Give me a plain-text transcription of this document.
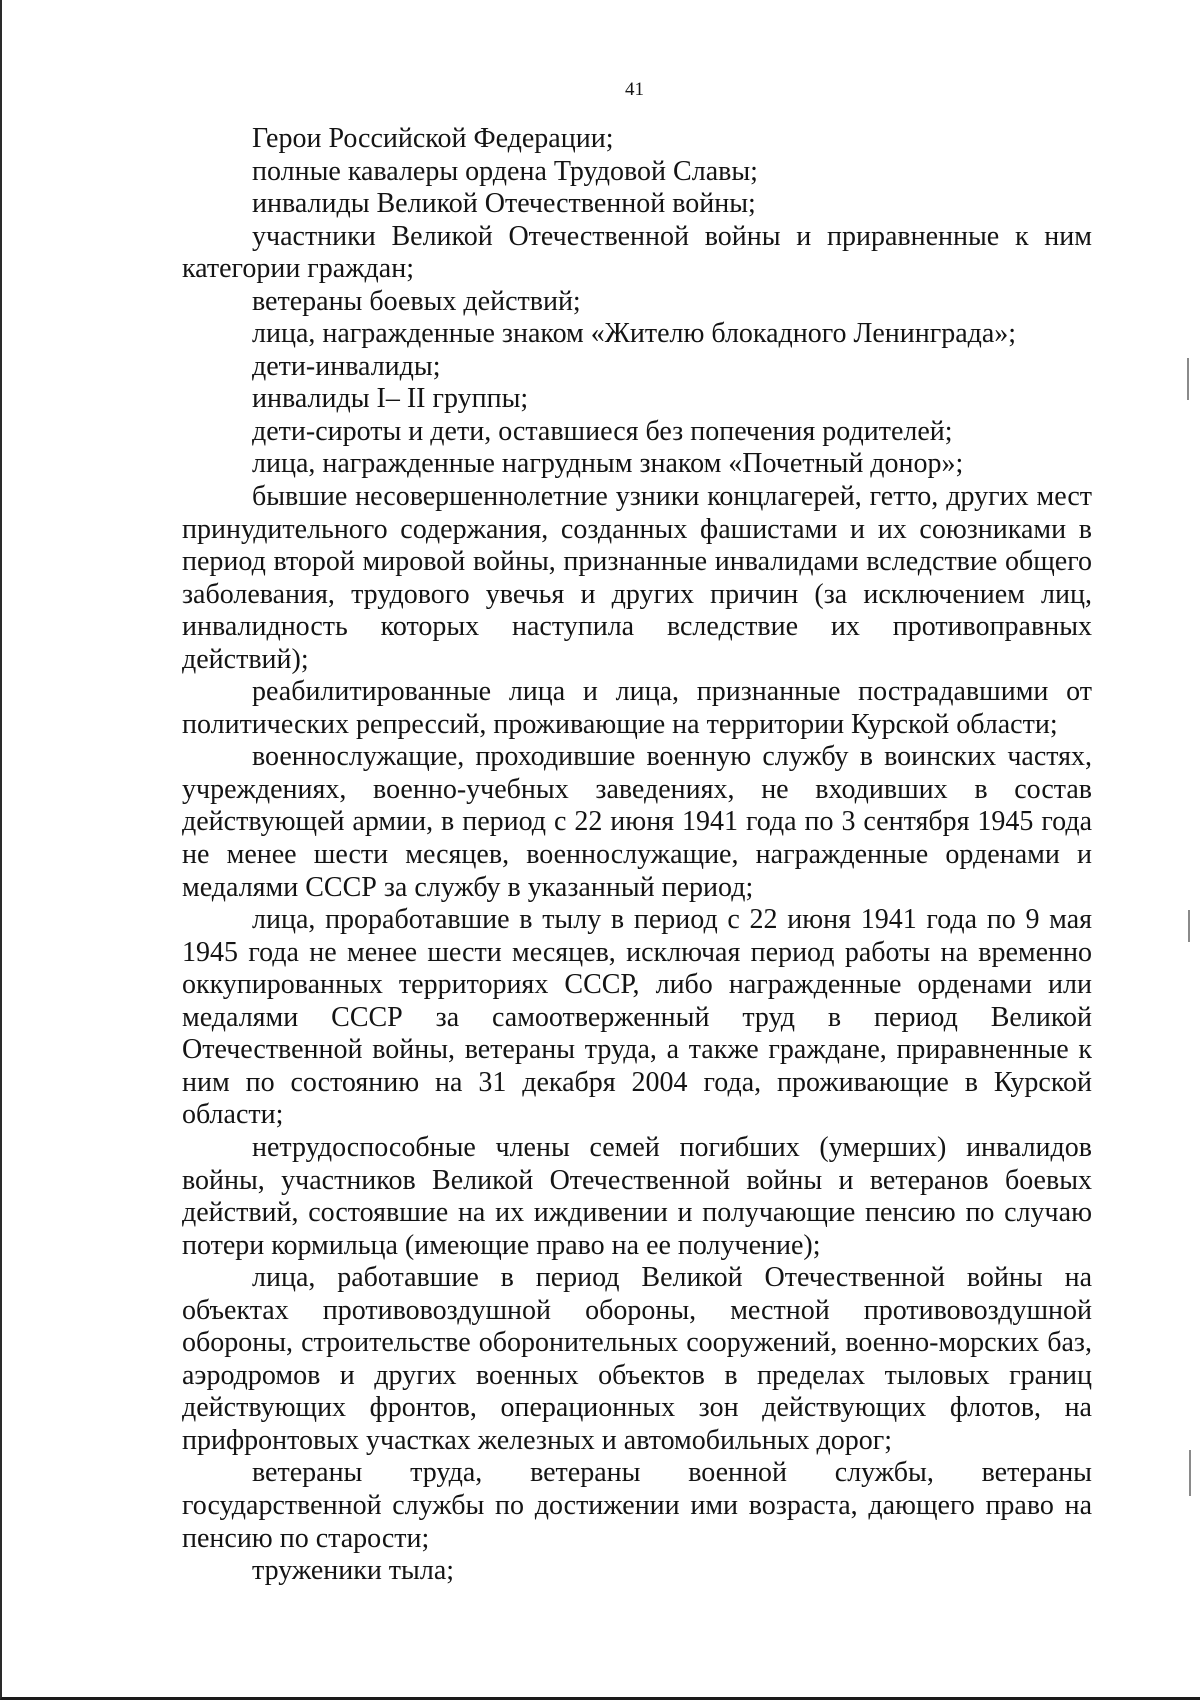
41

Герои Российской Федерации;

полные кавалеры ордена Трудовой Славы;

инвалиды Великой Отечественной войны;

участники Великой Отечественной войны и приравненные к ним категории граждан;

ветераны боевых действий;

лица, награжденные знаком «Жителю блокадного Ленинграда»;

дети-инвалиды;

инвалиды I– II группы;

дети-сироты и дети, оставшиеся без попечения родителей;

лица, награжденные нагрудным знаком «Почетный донор»;

бывшие несовершеннолетние узники концлагерей, гетто, других мест принудительного содержания, созданных фашистами и их союзниками в период второй мировой войны, признанные инвалидами вследствие общего заболевания, трудового увечья и других причин (за исключением лиц, инвалидность которых наступила вследствие их противоправных действий);

реабилитированные лица и лица, признанные пострадавшими от политических репрессий, проживающие на территории Курской области;

военнослужащие, проходившие военную службу в воинских частях, учреждениях, военно-учебных заведениях, не входивших в состав действующей армии, в период с 22 июня 1941 года по 3 сентября 1945 года не менее шести месяцев, военнослужащие, награжденные орденами и медалями СССР за службу в указанный период;

лица, проработавшие в тылу в период с 22 июня 1941 года по 9 мая 1945 года не менее шести месяцев, исключая период работы на временно оккупированных территориях СССР, либо награжденные орденами или медалями СССР за самоотверженный труд в период Великой Отечественной войны, ветераны труда, а также граждане, приравненные к ним по состоянию на 31 декабря 2004 года, проживающие в Курской области;

нетрудоспособные члены семей погибших (умерших) инвалидов войны, участников Великой Отечественной войны и ветеранов боевых действий, состоявшие на их иждивении и получающие пенсию по случаю потери кормильца (имеющие право на ее получение);

лица, работавшие в период Великой Отечественной войны на объектах противовоздушной обороны, местной противовоздушной обороны, строительстве оборонительных сооружений, военно-морских баз, аэродромов и других военных объектов в пределах тыловых границ действующих фронтов, операционных зон действующих флотов, на прифронтовых участках железных и автомобильных дорог;

ветераны труда, ветераны военной службы, ветераны государственной службы по достижении ими возраста, дающего право на пенсию по старости;

труженики тыла;
